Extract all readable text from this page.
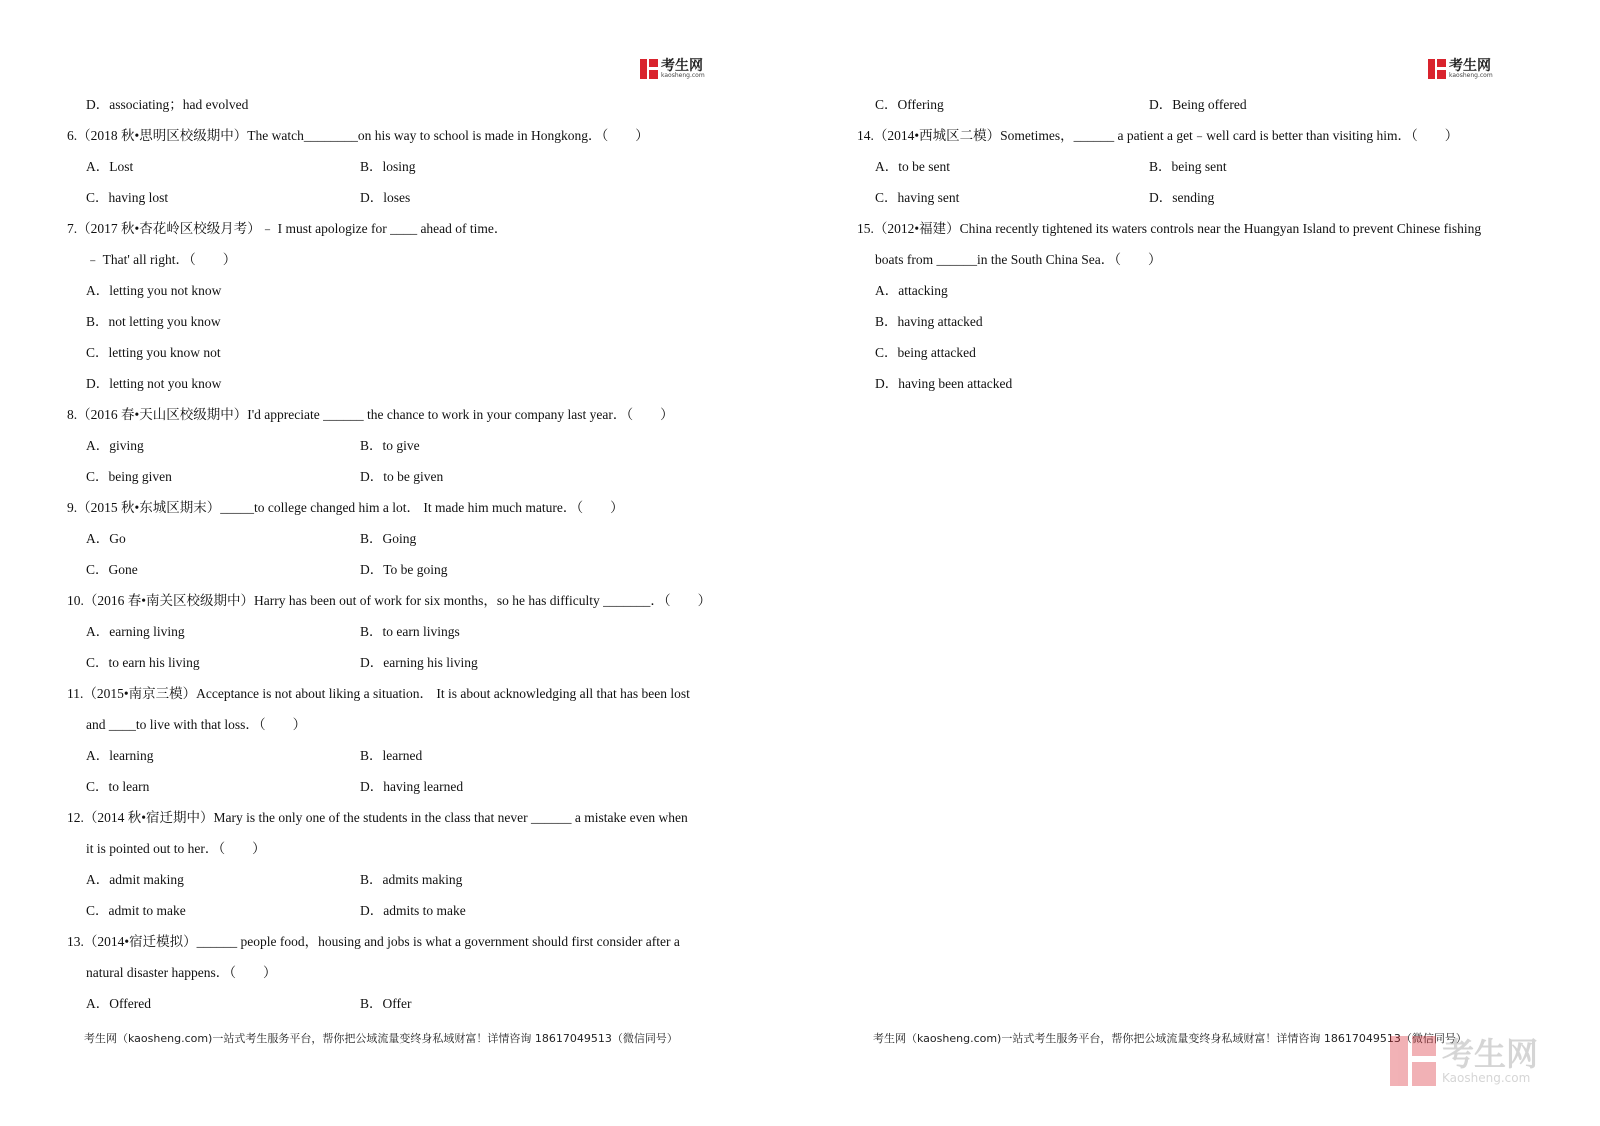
考生网
kaosheng.com
D．associating；had evolved
6.（2018 秋•思明区校级期中）The watch________on his way to school is made in Hongkong．（　　）
A．Lost	B．losing
C．having lost	D．loses
7.（2017 秋•杏花岭区校级月考）﹣ I must apologize for ____ ahead of time．
﹣ That' all right．（　　）
A．letting you not know
B．not letting you know
C．letting you know not
D．letting not you know
8.（2016 春•天山区校级期中）I'd appreciate ______ the chance to work in your company last year．（　　）
A．giving	B．to give
C．being given	D．to be given
9.（2015 秋•东城区期末）_____to college changed him a lot． It made him much mature．（　　）
A．Go	B．Going
C．Gone	D．To be going
10.（2016 春•南关区校级期中）Harry has been out of work for six months，so he has difficulty _______．（　　）
A．earning living	B．to earn livings
C．to earn his living	D．earning his living
11.（2015•南京三模）Acceptance is not about liking a situation． It is about acknowledging all that has been lost
and ____to live with that loss．（　　）
A．learning	B．learned
C．to learn	D．having learned
12.（2014 秋•宿迁期中）Mary is the only one of the students in the class that never ______ a mistake even when
it is pointed out to her．（　　）
A．admit making	B．admits making
C．admit to make	D．admits to make
13.（2014•宿迁模拟）______ people food，housing and jobs is what a government should first consider after a
natural disaster happens．（　　）
A．Offered	B．Offer
考生网（kaosheng.com)一站式考生服务平台，帮你把公域流量变终身私域财富！详情咨询 18617049513（微信同号）
考生网
kaosheng.com
C．Offering	D．Being offered
14.（2014•西城区二模）Sometimes，______ a patient a get﹣well card is better than visiting him．（　　）
A．to be sent	B．being sent
C．having sent	D．sending
15.（2012•福建）China recently tightened its waters controls near the Huangyan Island to prevent Chinese fishing
boats from ______in the South China Sea．（　　）
A．attacking
B．having attacked
C．being attacked
D．having been attacked
考生网（kaosheng.com)一站式考生服务平台，帮你把公域流量变终身私域财富！详情咨询 18617049513（微信同号）
考生网
Kaosheng.com
